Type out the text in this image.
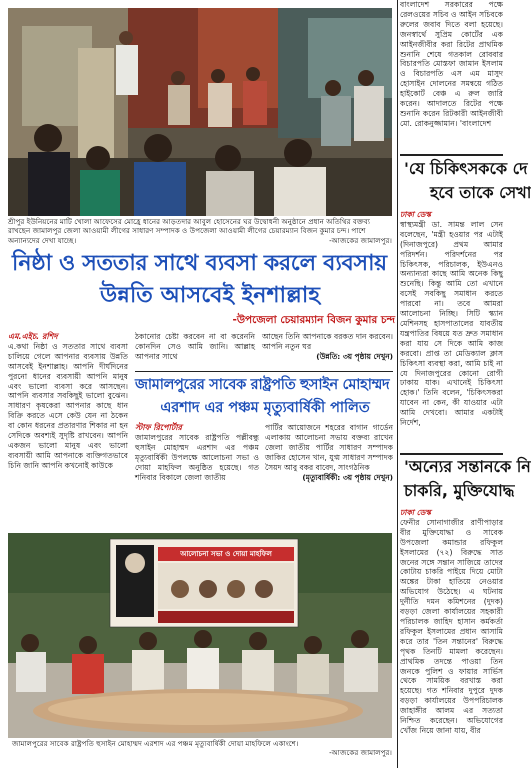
শ্রীপুর ইউনিয়নের মাটি খোলা আফেসের মোহ্রে ধানের আড়তদার আবুল হোসেনের ঘর উদ্বোধনী অনুষ্ঠানে প্রধান অতিথির বক্তব্য রাখছেন জামালপুর জেলা আওয়ামী লীগের সাধারণ সম্পাদক ও উপজেলা আওয়ামী লীগের চেয়ারম্যান বিজন কুমার চন্দ। পাশে অন্যান্যদের দেখা যাচ্ছে।	-আজকের জামালপুর।
নিষ্ঠা ও সততার সাথে ব্যবসা করলে ব্যবসায়
উন্নতি আসবেই ইনশাল্লাহ
-উপজেলা চেয়ারম্যান বিজন কুমার চন্দ
এম.এইচ. রশিদ
এ.কথা নিষ্ঠা ও সততার সাথে ব্যবসা চালিয়ে গেলে আপনার ব্যবসায় উন্নতি আসবেই ইনশাল্লাহ। আপনি দীর্ঘদিনের পুরনো ধানের ব্যবসায়ী আপনি মানুষ এবং ভালো ব্যবসা করে আসছেন। আপনি ব্যবসার সবকিছুই ভালো বুঝেন। সাধারণ কৃষকেরা আপনার কাছে ধান বিক্রি করতে এসে কেউ যেন না ঠকেন বা কোন ধরনের প্রতারণার শিকার না হন সেদিকে অবশ্যই সুদৃষ্টি রাখবেন। আপনি একজন ভালো মানুষ এবং ভালো ব্যবসায়ী আমি আপনাকে ব্যক্তিগতভাবে চিনি জানি আপনি কখনোই কাউকে
ঠকানোর চেষ্টা করবেন না বা করেননি কোনদিন সেও আমি জানি। আল্লাহ আপনার সাথে
আছেন তিনি আপনাকে বরকত দান করবেন। আপনি নতুন ঘর
(উন্নতি: ৩য় পৃষ্ঠায় দেখুন)
জামালপুরের সাবেক রাষ্ট্রপতি হুসাইন মোহাম্মদ
এরশাদ এর পঞ্চম মৃত্যুবার্ষিকী পালিত
স্টাফ রিপোর্টার
জামালপুরের সাবেক রাষ্ট্রপতি পল্লীবন্ধু হুসাইন মোহাম্মদ এরশাদ এর পঞ্চম মৃত্যুবার্ষিকী উপলক্ষে আলোচনা সভা ও দোয়া মাহফিল অনুষ্ঠিত হয়েছে। গত শনিবার বিকালে জেলা জাতীয়
পার্টির আয়োজনে শহরের বাগান গার্ডেন এলাকায় আলোচনা সভায় বক্তব্য রাখেন জেলা জাতীয় পার্টির সাধারণ সম্পাদক জাকির হোসেন খান, যুগ্ম সাধারণ সম্পাদক সৈয়দ আবু বকর বাবেদ, সাংগঠনিক
(মৃত্যুবার্ষিকী: ৩য় পৃষ্ঠায় দেখুন)
আলোচনা সভা ও দোয়া মাহফিল
জামালপুরের সাবেক রাষ্ট্রপতি হুসাইন মোহাম্মদ এরশাদ এর পঞ্চম মৃত্যুবার্ষিকী দোয়া মাহফিলে একাংশে।
-আজকের জামালপুর।
বাংলাদেশ সরকারের পক্ষে রেলওয়ের সচিব ও আইন সচিবকে রুলের জবাব দিতে বলা হয়েছে। জনস্বার্থে সুপ্রিম কোর্টের এক আইনজীবীর করা রিটের প্রাথমিক শুনানি শেষে গতকাল রোববার বিচারপতি মোস্তফা জামান ইসলাম ও বিচারপতি এস এম মাসুদ হোসাইন দোলনের সমন্বয়ে গঠিত হাইকোর্ট বেঞ্চ এ রুল জারি করেন। আদালতে রিটের পক্ষে শুনানি করেন রিটকারী আইনজীবী মো. রোকনুজ্জামান। 'বাংলাদেশ
'যে চিকিৎসককে দে
হবে তাকে সেখা
ঢাকা ডেস্ক
স্বাস্থ্যমন্ত্রী ডা. সামন্ত লাল সেন বলেছেন, 'মন্ত্রী হওয়ার পর এটাই (দিনাজপুরে) প্রথম আমার পরিদর্শন। পরিদর্শনের পর চিকিৎসক, পরিচালক, ইউএনও অন্যান্যরা কাছে আমি অনেক কিছু শুনেছি। কিন্তু আমি তো এখানে বসেই সবকিছু সমাধান করতে পারবো না। তবে আমরা আলোচনা নিচ্ছি। সিটি স্ক্যান মেশিনসহ হাসপাতালের যাবতীয় যন্ত্রপাতির বিষয়ে যত দ্রুত সমাধান করা যায় সে দিকে আমি কাজ করবো। প্রাপ্ত তা মেডিক্যাল ক্লাস চিকিৎসা ব্যবস্থা করা, আমি চাই না যে দিনাজপুরের কোনো রোগী ঢাকায় যাক। এখানেই চিকিৎসা হোক।' তিনি বলেন, 'চিকিৎসকরা যাবেন না কেন, কী যাওয়ার এটা আমি দেখবো। আমার একটাই নির্দেশ,
'অন্যের সন্তানকে নি
চাকরি, মুক্তিযোদ্ধ
ঢাকা ডেস্ক
ফেনীর সোনাগাজীর রাণীপাড়ার বীর মুক্তিযোদ্ধা ও সাবেক উপজেলা কমান্ডার রফিকুল ইসলামের (৭২) বিরুদ্ধে সাত জনের সঙ্গে সন্তান সাজিয়ে তাদের কোটায় চাকরি পাইয়ে দিয়ে মোটা অঙ্কের টাকা হাতিয়ে নেওয়ার অভিযোগ উঠেছে। এ ঘটনায় দুর্নীতি দমন কমিশনের (দুদক) বড়ড়া জেলা কার্যালয়ের সহকারী পরিচালক জাহিদ হাসান কর্মকর্তা রফিকুল ইসলামের প্রধান আসামি করে তার 'তিন সন্তানের' বিরুদ্ধে পৃথক তিনটি মামলা করেছেন। প্রাথমিক তদন্তে পাওয়া তিন জনকে পুলিশ ও ফায়ার সার্ভিস থেকে সাময়িক বরখাস্ত করা হয়েছে। গত শনিবার দুপুরে দুদক বড়ড়া কার্যালয়ের উপপরিচালক জাহাঙ্গীর আলম এর সত্যতা নিশ্চিত করেছেন। অভিযোগের খোঁজ নিয়ে জানা যায়, বীর
